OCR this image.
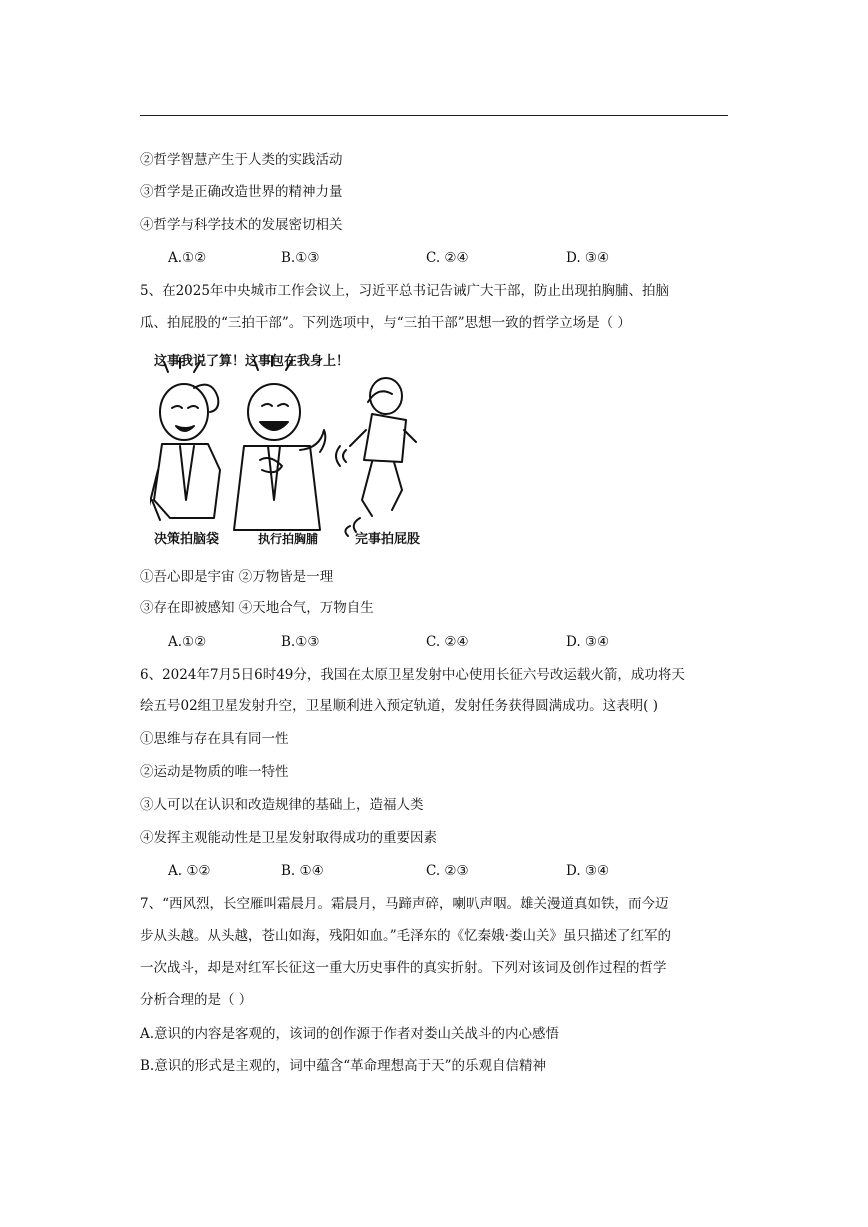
②哲学智慧产生于人类的实践活动
③哲学是正确改造世界的精神力量
④哲学与科学技术的发展密切相关
A.①②	B.①③	C. ②④	D. ③④
5、在2025年中央城市工作会议上，习近平总书记告诫广大干部，防止出现拍胸脯、拍脑
瓜、拍屁股的“三拍干部”。下列选项中，与“三拍干部”思想一致的哲学立场是（ ）
这事我说了算！这事包在我身上！
决策拍脑袋	执行拍胸脯	完事拍屁股
①吾心即是宇宙 ②万物皆是一理
③存在即被感知 ④天地合气，万物自生
A.①②	B.①③	C. ②④	D. ③④
6、2024年7月5日6时49分，我国在太原卫星发射中心使用长征六号改运载火箭，成功将天
绘五号02组卫星发射升空，卫星顺利进入预定轨道，发射任务获得圆满成功。这表明( )
①思维与存在具有同一性
②运动是物质的唯一特性
③人可以在认识和改造规律的基础上，造福人类
④发挥主观能动性是卫星发射取得成功的重要因素
A. ①②	B. ①④	C. ②③	D. ③④
7、“西风烈，长空雁叫霜晨月。霜晨月，马蹄声碎，喇叭声咽。雄关漫道真如铁，而今迈
步从头越。从头越，苍山如海，残阳如血。”毛泽东的《忆秦娥·娄山关》虽只描述了红军的
一次战斗，却是对红军长征这一重大历史事件的真实折射。下列对该词及创作过程的哲学
分析合理的是（ ）
A.意识的内容是客观的，该词的创作源于作者对娄山关战斗的内心感悟
B.意识的形式是主观的，词中蕴含“革命理想高于天”的乐观自信精神
